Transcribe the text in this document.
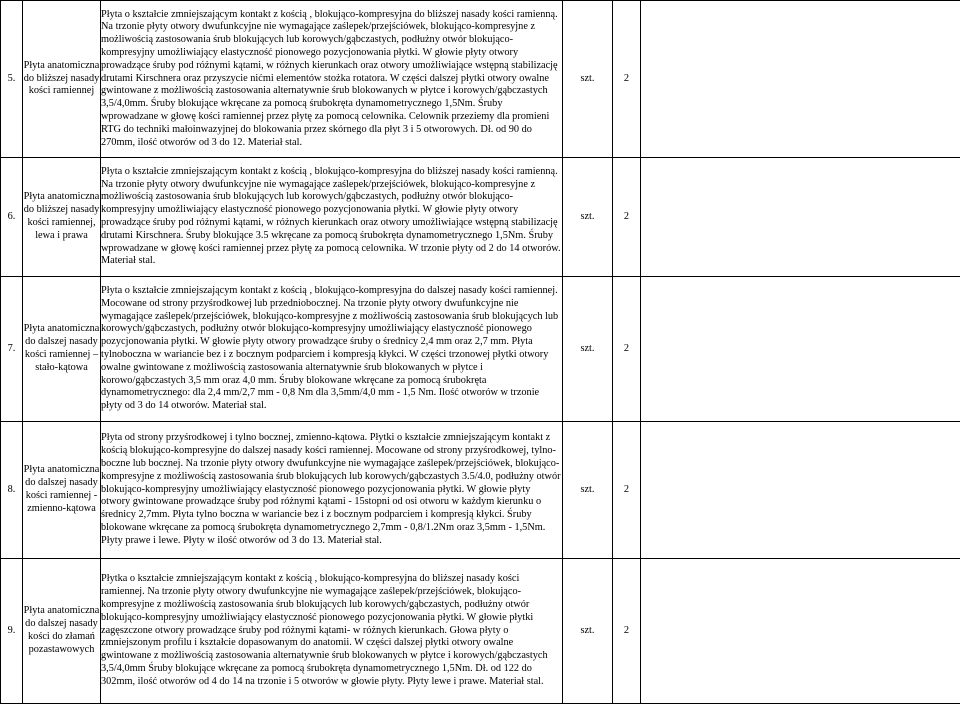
5.	Płyta anatomiczna do bliższej nasady kości ramiennej	Płyta o kształcie zmniejszającym kontakt z kością , blokująco-kompresyjna do bliższej nasady kości ramienną. Na trzonie płyty otwory dwufunkcyjne nie wymagające zaślepek/przejściówek, blokująco-kompresyjne z możliwością zastosowania śrub blokujących lub korowych/gąbczastych, podłużny otwór blokująco-kompresyjny umożliwiający elastyczność pionowego pozycjonowania płytki. W głowie płyty otwory prowadzące śruby pod różnymi kątami, w różnych kierunkach oraz otwory umożliwiające wstępną stabilizację drutami Kirschnera oraz przyszycie nićmi elementów stożka rotatora. W części dalszej płytki otwory owalne gwintowane z możliwością zastosowania alternatywnie śrub blokowanych w płytce i korowych/gąbczastych 3,5/4,0mm. Śruby blokujące wkręcane za pomocą śrubokręta dynamometrycznego 1,5Nm. Śruby wprowadzane w głowę kości ramiennej przez płytę za pomocą celownika. Celownik przeziemy dla promieni RTG do techniki małoinwazyjnej do blokowania przez skórnego dla płyt 3 i 5 otworowych. Dł. od 90 do 270mm, ilość otworów od 3 do 12. Materiał stal.	szt.	2	
6.	Płyta anatomiczna do bliższej nasady kości ramiennej, lewa i prawa	Płyta o kształcie zmniejszającym kontakt z kością , blokująco-kompresyjna do bliższej nasady kości ramienną. Na trzonie płyty otwory dwufunkcyjne nie wymagające zaślepek/przejściówek, blokująco-kompresyjne z możliwością zastosowania śrub blokujących lub korowych/gąbczastych, podłużny otwór blokująco-kompresyjny umożliwiający elastyczność pionowego pozycjonowania płytki. W głowie płyty otwory prowadzące śruby pod różnymi kątami, w różnych kierunkach oraz otwory umożliwiające wstępną stabilizację drutami Kirschnera. Śruby blokujące 3.5 wkręcane za pomocą śrubokręta dynamometrycznego 1,5Nm. Śruby wprowadzane w głowę kości ramiennej przez płytę za pomocą celownika. W trzonie płyty od 2 do 14 otworów. Materiał stal.	szt.	2	
7.	Płyta anatomiczna do dalszej nasady kości ramiennej – stało-kątowa	Płyta o kształcie zmniejszającym kontakt z kością , blokująco-kompresyjna do dalszej nasady kości ramiennej. Mocowane od strony przyśrodkowej lub przedniobocznej. Na trzonie płyty otwory dwufunkcyjne nie wymagające zaślepek/przejściówek, blokująco-kompresyjne z możliwością zastosowania śrub blokujących lub korowych/gąbczastych, podłużny otwór blokująco-kompresyjny umożliwiający elastyczność pionowego pozycjonowania płytki. W głowie płyty otwory prowadzące śruby o średnicy 2,4 mm oraz 2,7 mm. Płyta tylnoboczna w wariancie bez i z bocznym podparciem i kompresją kłykci. W części trzonowej płytki otwory owalne gwintowane z możliwością zastosowania alternatywnie śrub blokowanych w płytce i korowo/gąbczastych 3,5 mm oraz 4,0 mm. Śruby blokowane wkręcane za pomocą śrubokręta dynamometrycznego: dla 2,4 mm/2,7 mm - 0,8 Nm dla 3,5mm/4,0 mm - 1,5 Nm. Ilość otworów w trzonie płyty od 3 do 14 otworów. Materiał stal.	szt.	2	
8.	Płyta anatomiczna do dalszej nasady kości ramiennej - zmienno-kątowa	Płyta od strony przyśrodkowej i tylno bocznej, zmienno-kątowa. Płytki o kształcie zmniejszającym kontakt z kością blokująco-kompresyjne do dalszej nasady kości ramiennej. Mocowane od strony przyśrodkowej, tylno-boczne lub bocznej. Na trzonie płyty otwory dwufunkcyjne nie wymagające zaślepek/przejściówek, blokująco-kompresyjne z możliwością zastosowania śrub blokujących lub korowych/gąbczastych 3.5/4.0, podłużny otwór blokująco-kompresyjny umożliwiający elastyczność pionowego pozycjonowania płytki. W głowie płyty otwory gwintowane prowadzące śruby pod różnymi kątami - 15stopni od osi otworu w każdym kierunku o średnicy 2,7mm. Płyta tylno boczna w wariancie bez i z bocznym podparciem i kompresją kłykci. Śruby blokowane wkręcane za pomocą śrubokręta dynamometrycznego 2,7mm - 0,8/1.2Nm oraz 3,5mm - 1,5Nm. Płyty prawe i lewe. Płyty w ilość otworów od 3 do 13. Materiał stal.	szt.	2	
9.	Płyta anatomiczna do dalszej nasady kości do złamań pozastawowych	Płytka o kształcie zmniejszającym kontakt z kością , blokująco-kompresyjna do bliższej nasady kości ramiennej. Na trzonie płyty otwory dwufunkcyjne nie wymagające zaślepek/przejściówek, blokująco-kompresyjne z możliwością zastosowania śrub blokujących lub korowych/gąbczastych, podłużny otwór blokująco-kompresyjny umożliwiający elastyczność pionowego pozycjonowania płytki. W głowie płytki zagęszczone otwory prowadzące śruby pod różnymi kątami- w różnych kierunkach. Głowa płyty o zmniejszonym profilu i kształcie dopasowanym do anatomii. W części dalszej płytki otwory owalne gwintowane z możliwością zastosowania alternatywnie śrub blokowanych w płytce i korowych/gąbczastych 3,5/4,0mm Śruby blokujące wkręcane za pomocą śrubokręta dynamometrycznego 1,5Nm. Dł. od 122 do 302mm, ilość otworów od 4 do 14 na trzonie i 5 otworów w głowie płyty. Płyty lewe i prawe. Materiał stal.	szt.	2	
